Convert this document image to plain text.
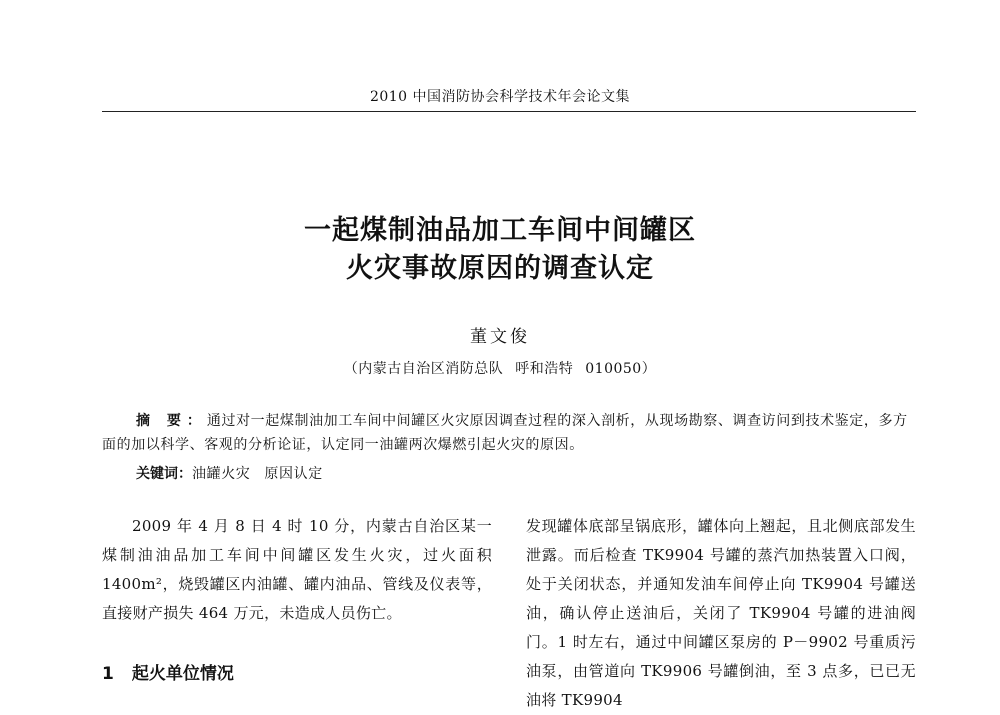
2010 中国消防协会科学技术年会论文集
一起煤制油品加工车间中间罐区
火灾事故原因的调查认定
董文俊
（内蒙古自治区消防总队 呼和浩特 010050）
摘 要：通过对一起煤制油加工车间中间罐区火灾原因调查过程的深入剖析，从现场勘察、调查访问到技术鉴定，多方面的加以科学、客观的分析论证，认定同一油罐两次爆燃引起火灾的原因。
关键词：油罐火灾 原因认定
2009 年 4 月 8 日 4 时 10 分，内蒙古自治区某一煤制油油品加工车间中间罐区发生火灾，过火面积 1400m²，烧毁罐区内油罐、罐内油品、管线及仪表等，直接财产损失 464 万元，未造成人员伤亡。
发现罐体底部呈锅底形，罐体向上翘起，且北侧底部发生泄露。而后检查 TK9904 号罐的蒸汽加热装置入口阀，处于关闭状态，并通知发油车间停止向 TK9904 号罐送油，确认停止送油后，关闭了 TK9904 号罐的进油阀门。1 时左右，通过中间罐区泵房的 P－9902 号重质污油泵，由管道向 TK9906 号罐倒油，至 3 点多，已已无油将 TK9904
1 起火单位情况
